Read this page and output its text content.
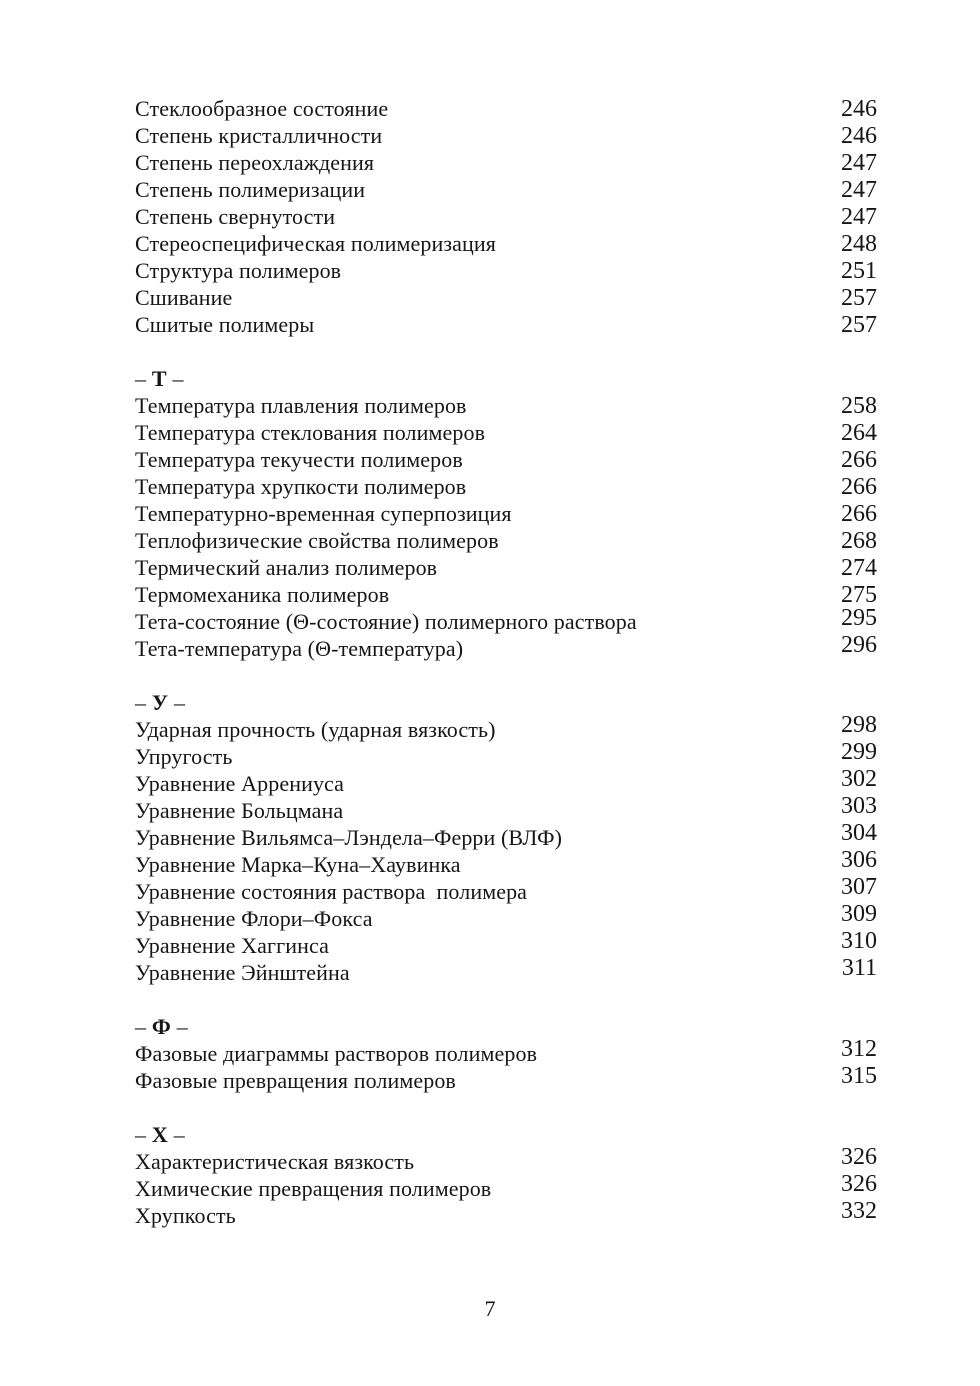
Стеклообразное состояние	246
Степень кристалличности	246
Степень переохлаждения	247
Степень полимеризации	247
Степень свернутости	247
Стереоспецифическая полимеризация	248
Структура полимеров	251
Сшивание	257
Сшитые полимеры	257
– Т –
Температура плавления полимеров	258
Температура стеклования полимеров	264
Температура текучести полимеров	266
Температура хрупкости полимеров	266
Температурно-временная суперпозиция	266
Теплофизические свойства полимеров	268
Термический анализ полимеров	274
Термомеханика полимеров	275
Тета-состояние (Θ-состояние) полимерного раствора	295
Тета-температура (Θ-температура)	296
– У –
Ударная прочность (ударная вязкость)	298
Упругость	299
Уравнение Аррениуса	302
Уравнение Больцмана	303
Уравнение Вильямса–Лэндела–Ферри (ВЛФ)	304
Уравнение Марка–Куна–Хаувинка	306
Уравнение состояния раствора  полимера	307
Уравнение Флори–Фокса	309
Уравнение Хаггинса	310
Уравнение Эйнштейна	311
– Ф –
Фазовые диаграммы растворов полимеров	312
Фазовые превращения полимеров	315
– Х –
Характеристическая вязкость	326
Химические превращения полимеров	326
Хрупкость	332
7
